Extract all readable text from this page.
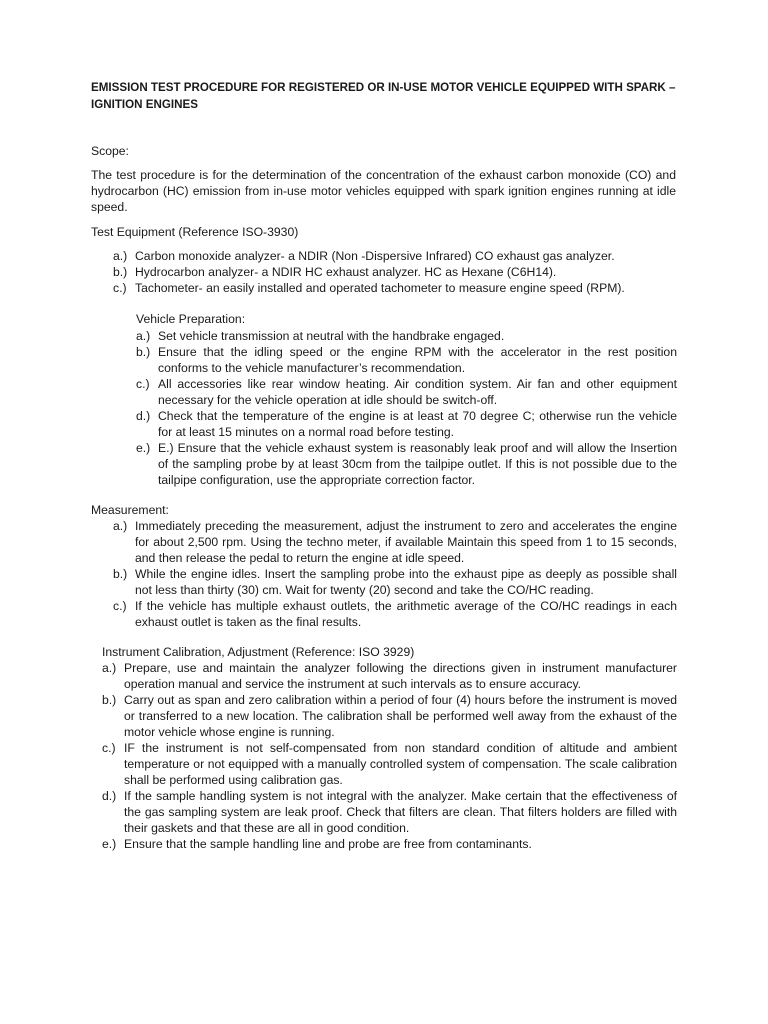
EMISSION TEST PROCEDURE FOR REGISTERED OR IN-USE MOTOR VEHICLE EQUIPPED WITH SPARK – IGNITION ENGINES

Scope:

The test procedure is for the determination of the concentration of the exhaust carbon monoxide (CO) and hydrocarbon (HC) emission from in-use motor vehicles equipped with spark ignition engines running at idle speed.

Test Equipment (Reference ISO-3930)

a.) Carbon monoxide analyzer- a NDIR (Non -Dispersive Infrared) CO exhaust gas analyzer.
b.) Hydrocarbon analyzer- a NDIR HC exhaust analyzer. HC as Hexane (C6H14).
c.) Tachometer- an easily installed and operated tachometer to measure engine speed (RPM).

Vehicle Preparation:

a.) Set vehicle transmission at neutral with the handbrake engaged.
b.) Ensure that the idling speed or the engine RPM with the accelerator in the rest position conforms to the vehicle manufacturer’s recommendation.
c.) All accessories like rear window heating. Air condition system. Air fan and other equipment necessary for the vehicle operation at idle should be switch-off.
d.) Check that the temperature of the engine is at least at 70 degree C; otherwise run the vehicle for at least 15 minutes on a normal road before testing.
e.) E.) Ensure that the vehicle exhaust system is reasonably leak proof and will allow the Insertion of the sampling probe by at least 30cm from the tailpipe outlet. If this is not possible due to the tailpipe configuration, use the appropriate correction factor.

Measurement:

a.) Immediately preceding the measurement, adjust the instrument to zero and accelerates the engine for about 2,500 rpm. Using the techno meter, if available Maintain this speed from 1 to 15 seconds, and then release the pedal to return the engine at idle speed.
b.) While the engine idles. Insert the sampling probe into the exhaust pipe as deeply as possible shall not less than thirty (30) cm. Wait for twenty (20) second and take the CO/HC reading.
c.) If the vehicle has multiple exhaust outlets, the arithmetic average of the CO/HC readings in each exhaust outlet is taken as the final results.

Instrument Calibration, Adjustment (Reference: ISO 3929)

a.) Prepare, use and maintain the analyzer following the directions given in instrument manufacturer operation manual and service the instrument at such intervals as to ensure accuracy.
b.) Carry out as span and zero calibration within a period of four (4) hours before the instrument is moved or transferred to a new location. The calibration shall be performed well away from the exhaust of the motor vehicle whose engine is running.
c.) IF the instrument is not self-compensated from non standard condition of altitude and ambient temperature or not equipped with a manually controlled system of compensation. The scale calibration shall be performed using calibration gas.
d.) If the sample handling system is not integral with the analyzer. Make certain that the effectiveness of the gas sampling system are leak proof. Check that filters are clean. That filters holders are filled with their gaskets and that these are all in good condition.
e.) Ensure that the sample handling line and probe are free from contaminants.
